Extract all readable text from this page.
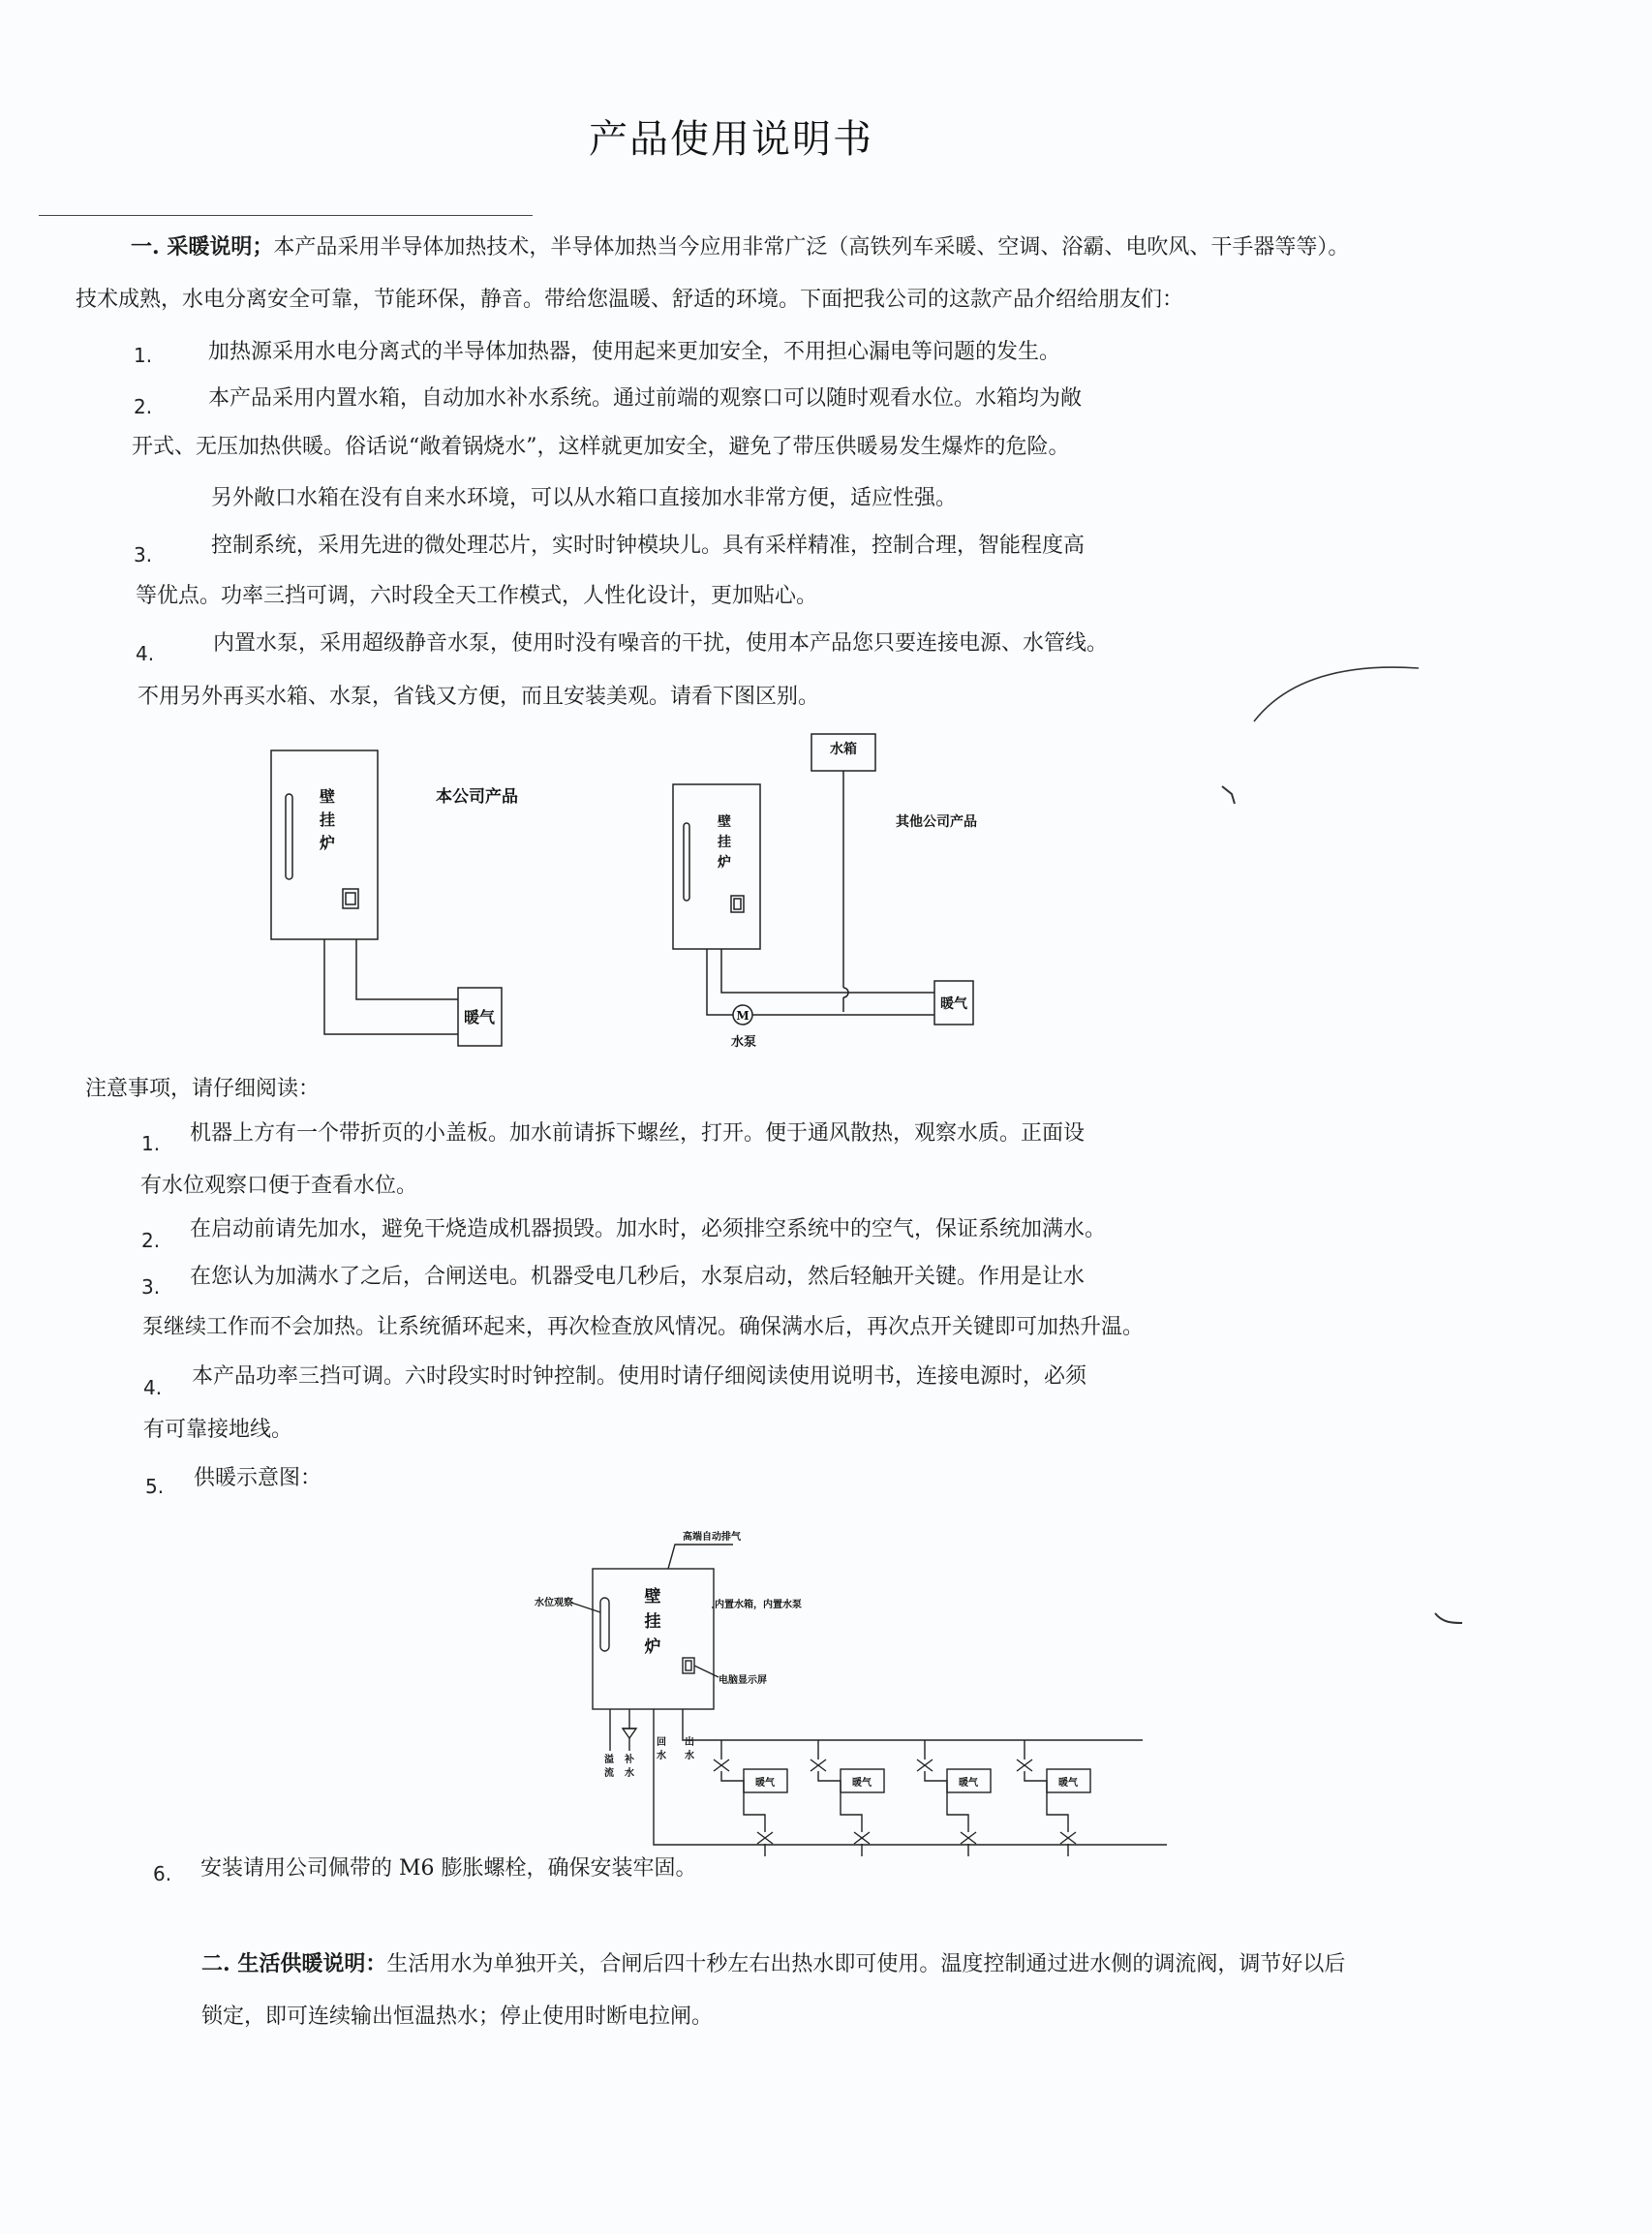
产品使用说明书
一. 采暖说明；本产品采用半导体加热技术，半导体加热当今应用非常广泛（高铁列车采暖、空调、浴霸、电吹风、干手器等等）。
技术成熟，水电分离安全可靠，节能环保，静音。带给您温暖、舒适的环境。下面把我公司的这款产品介绍给朋友们：
1.	加热源采用水电分离式的半导体加热器，使用起来更加安全，不用担心漏电等问题的发生。
2.	本产品采用内置水箱，自动加水补水系统。通过前端的观察口可以随时观看水位。水箱均为敞
开式、无压加热供暖。俗话说“敞着锅烧水”，这样就更加安全，避免了带压供暖易发生爆炸的危险。
另外敞口水箱在没有自来水环境，可以从水箱口直接加水非常方便，适应性强。
3.	控制系统，采用先进的微处理芯片，实时时钟模块儿。具有采样精准，控制合理，智能程度高
等优点。功率三挡可调，六时段全天工作模式，人性化设计，更加贴心。
4.	内置水泵，采用超级静音水泵，使用时没有噪音的干扰，使用本产品您只要连接电源、水管线。
不用另外再买水箱、水泵，省钱又方便，而且安装美观。请看下图区别。
壁
挂
炉
本公司产品
暖气
水箱
壁
挂
炉
其他公司产品
暖气
M
水泵
注意事项，请仔细阅读：
1. 机器上方有一个带折页的小盖板。加水前请拆下螺丝，打开。便于通风散热，观察水质。正面设
有水位观察口便于查看水位。
2. 在启动前请先加水，避免干烧造成机器损毁。加水时，必须排空系统中的空气，保证系统加满水。
3. 在您认为加满水了之后，合闸送电。机器受电几秒后，水泵启动，然后轻触开关键。作用是让水
泵继续工作而不会加热。让系统循环起来，再次检查放风情况。确保满水后，再次点开关键即可加热升温。
4. 本产品功率三挡可调。六时段实时时钟控制。使用时请仔细阅读使用说明书，连接电源时，必须
有可靠接地线。
5. 供暖示意图：
壁
挂
炉
高端自动排气
水位观察	内置水箱，内置水泵
电脑显示屏
溢
流
补
水
回
水
出
水
暖气	暖气	暖气	暖气
6. 安装请用公司佩带的 M6 膨胀螺栓，确保安装牢固。
二. 生活供暖说明：生活用水为单独开关，合闸后四十秒左右出热水即可使用。温度控制通过进水侧的调流阀，调节好以后
锁定，即可连续输出恒温热水；停止使用时断电拉闸。
